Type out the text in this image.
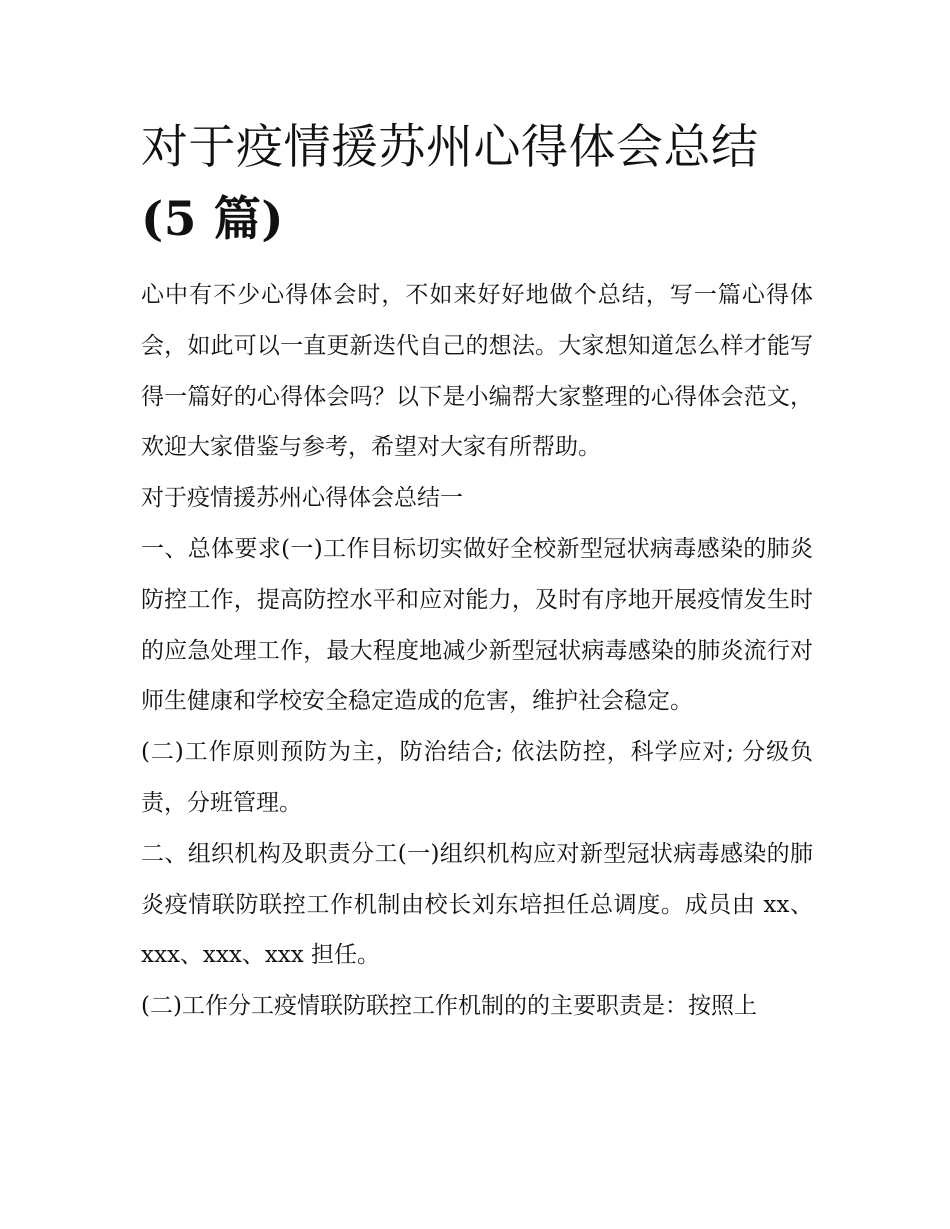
对于疫情援苏州心得体会总结
(5 篇)

心中有不少心得体会时，不如来好好地做个总结，写一篇心得体会，如此可以一直更新迭代自己的想法。大家想知道怎么样才能写得一篇好的心得体会吗？以下是小编帮大家整理的心得体会范文，欢迎大家借鉴与参考，希望对大家有所帮助。

对于疫情援苏州心得体会总结一

一、总体要求(一)工作目标切实做好全校新型冠状病毒感染的肺炎防控工作，提高防控水平和应对能力，及时有序地开展疫情发生时的应急处理工作，最大程度地减少新型冠状病毒感染的肺炎流行对师生健康和学校安全稳定造成的危害，维护社会稳定。

(二)工作原则预防为主，防治结合; 依法防控，科学应对; 分级负责，分班管理。

二、组织机构及职责分工(一)组织机构应对新型冠状病毒感染的肺炎疫情联防联控工作机制由校长刘东培担任总调度。成员由 xx、xxx、xxx、xxx 担任。

(二)工作分工疫情联防联控工作机制的的主要职责是：按照上
